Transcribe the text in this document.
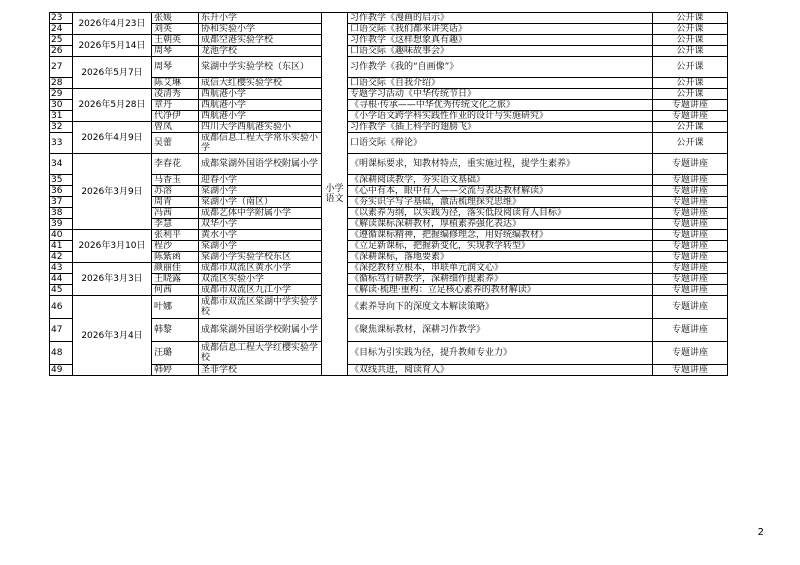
23	2026年4月23日	张媛	东升小学	小学语文	习作教学《漫画的启示》	公开课
24		刘英	协和实验小学		口语交际《我们都来讲笑话》	公开课
25	2026年5月14日	王朝英	成都空港实验学校		习作教学《这样想象真有趣》	公开课
26		周琴	龙池学校		口语交际《趣味故事会》	公开课
27	2026年5月7日	周琴	棠湖中学实验学校（东区）		习作教学《我的“自画像”》	公开课
28		陈艾琳	成信大红樱实验学校		口语交际《自我介绍》	公开课
29	2026年5月28日	凌清秀	西航港小学		专题学习活动《中华传统节日》	公开课
30		章丹	西航港小学		《寻根·传承——中华优秀传统文化之旅》	专题讲座
31		代净伊	西航港小学		《小学语文跨学科实践性作业的设计与实施研究》	专题讲座
32	2026年4月9日	曾凤	四川大学西航港实验小		习作教学《插上科学的翅膀飞》	公开课
33		吴蕾	成都信息工程大学常乐实验小学		口语交际《辩论》	公开课
34	2026年3月9日	李春花	成都棠湖外国语学校附属小学		《明课标要求，知教材特点，重实施过程，提学生素养》	专题讲座
35		马香玉	迎春小学		《深耕阅读教学，夯实语文基础》	专题讲座
36		苏溶	棠湖小学		《心中有本，眼中有人——交流与表达教材解读》	专题讲座
37		周青	棠湖小学（南区）		《夯实识字写字基础，激活梳理探究思维》	专题讲座
38		冯茜	成都艺体中学附属小学		《以素养为纲，以实践为径，落实低段阅读育人目标》	专题讲座
39		李慧	双华小学		《解读课标深耕教材，厚植素养强化表达》	专题讲座
40	2026年3月10日	张利平	黄水小学		《遵循课标精神，把握编修理念，用好统编教材》	专题讲座
41		程沙	棠湖小学		《立足新课标，把握新变化，实现教学转型》	专题讲座
42		陈紫函	棠湖小学实验学校东区		《深耕课标，落地要素》	专题讲座
43	2026年3月3日	颜丽佳	成都市双流区黄水小学		《深挖教材立根本，串联单元润文心》	专题讲座
44		王晓露	双流区实验小学		《循标笃行研教学，深耕细作提素养》	专题讲座
45		何茜	成都市双流区九江小学		《解读·梳理·重构：立足核心素养的教材解读》	专题讲座
46	2026年3月4日	叶娜	成都市双流区棠湖中学实验学校		《素养导向下的深度文本解读策略》	专题讲座
47		韩黎	成都棠湖外国语学校附属小学		《聚焦课标教材，深耕习作教学》	专题讲座
48		汪璐	成都信息工程大学红樱实验学校		《目标为引实践为径，提升教师专业力》	专题讲座
49		韩婷	圣菲学校		《双线共进，阅读育人》	专题讲座
2
